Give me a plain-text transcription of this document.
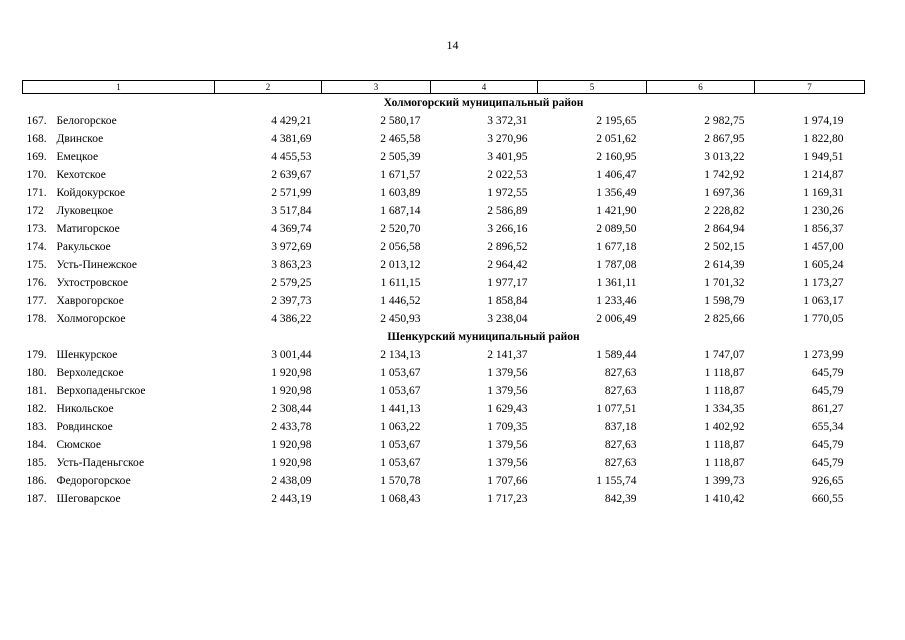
14
1	2	3	4	5	6	7
Холмогорский муниципальный район						
167. Белогорское	4 429,21	2 580,17	3 372,31	2 195,65	2 982,75	1 974,19
168. Двинское	4 381,69	2 465,58	3 270,96	2 051,62	2 867,95	1 822,80
169. Емецкое	4 455,53	2 505,39	3 401,95	2 160,95	3 013,22	1 949,51
170. Кехотское	2 639,67	1 671,57	2 022,53	1 406,47	1 742,92	1 214,87
171. Койдокурское	2 571,99	1 603,89	1 972,55	1 356,49	1 697,36	1 169,31
172 Луковецкое	3 517,84	1 687,14	2 586,89	1 421,90	2 228,82	1 230,26
173. Матигорское	4 369,74	2 520,70	3 266,16	2 089,50	2 864,94	1 856,37
174. Ракульское	3 972,69	2 056,58	2 896,52	1 677,18	2 502,15	1 457,00
175. Усть-Пинежское	3 863,23	2 013,12	2 964,42	1 787,08	2 614,39	1 605,24
176. Ухтостровское	2 579,25	1 611,15	1 977,17	1 361,11	1 701,32	1 173,27
177. Хаврогорское	2 397,73	1 446,52	1 858,84	1 233,46	1 598,79	1 063,17
178. Холмогорское	4 386,22	2 450,93	3 238,04	2 006,49	2 825,66	1 770,05
Шенкурский муниципальный район						
179. Шенкурское	3 001,44	2 134,13	2 141,37	1 589,44	1 747,07	1 273,99
180. Верхоледское	1 920,98	1 053,67	1 379,56	827,63	1 118,87	645,79
181. Верхопаденьгское	1 920,98	1 053,67	1 379,56	827,63	1 118,87	645,79
182. Никольское	2 308,44	1 441,13	1 629,43	1 077,51	1 334,35	861,27
183. Ровдинское	2 433,78	1 063,22	1 709,35	837,18	1 402,92	655,34
184. Сюмское	1 920,98	1 053,67	1 379,56	827,63	1 118,87	645,79
185. Усть-Паденьгское	1 920,98	1 053,67	1 379,56	827,63	1 118,87	645,79
186. Федорогорское	2 438,09	1 570,78	1 707,66	1 155,74	1 399,73	926,65
187. Шеговарское	2 443,19	1 068,43	1 717,23	842,39	1 410,42	660,55
